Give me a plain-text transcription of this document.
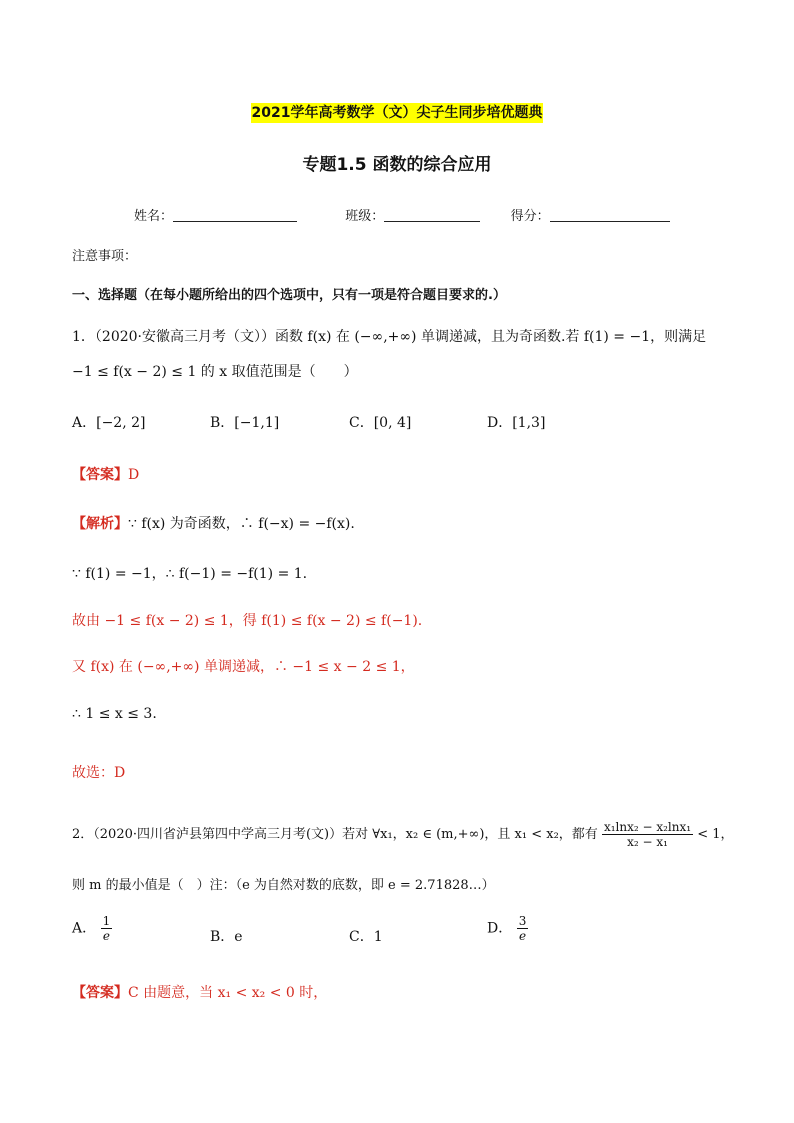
2021学年高考数学（文）尖子生同步培优题典
专题1.5 函数的综合应用
姓名：	班级：	得分：
注意事项：
一、选择题（在每小题所给出的四个选项中，只有一项是符合题目要求的.）
1．（2020·安徽高三月考（文））函数 f(x) 在 (−∞,+∞) 单调递减，且为奇函数.若 f(1) = −1，则满足
−1 ≤ f(x − 2) ≤ 1 的 x 取值范围是（　　）
A．[−2, 2]	B．[−1,1]	C．[0, 4]	D．[1,3]
【答案】D
【解析】∵ f(x) 为奇函数，∴ f(−x) = −f(x).
∵ f(1) = −1，∴ f(−1) = −f(1) = 1.
故由 −1 ≤ f(x − 2) ≤ 1，得 f(1) ≤ f(x − 2) ≤ f(−1).
又 f(x) 在 (−∞,+∞) 单调递减，∴ −1 ≤ x − 2 ≤ 1，
∴ 1 ≤ x ≤ 3.
故选：D
2．（2020·四川省泸县第四中学高三月考(文)）若对 ∀x₁，x₂ ∈ (m,+∞)，且 x₁ < x₂，都有 $\frac{\text{x₁lnx₂ − x₂lnx₁}}{\text{x₂ − x₁}} < 1$，
则 m 的最小值是（　）注：（e 为自然对数的底数，即 e = 2.71828…）
A． $\frac{1}{e}$	B．e	C．1
D． $\frac{3}{e}$
【答案】C 由题意，当 x₁ < x₂ < 0 时，
